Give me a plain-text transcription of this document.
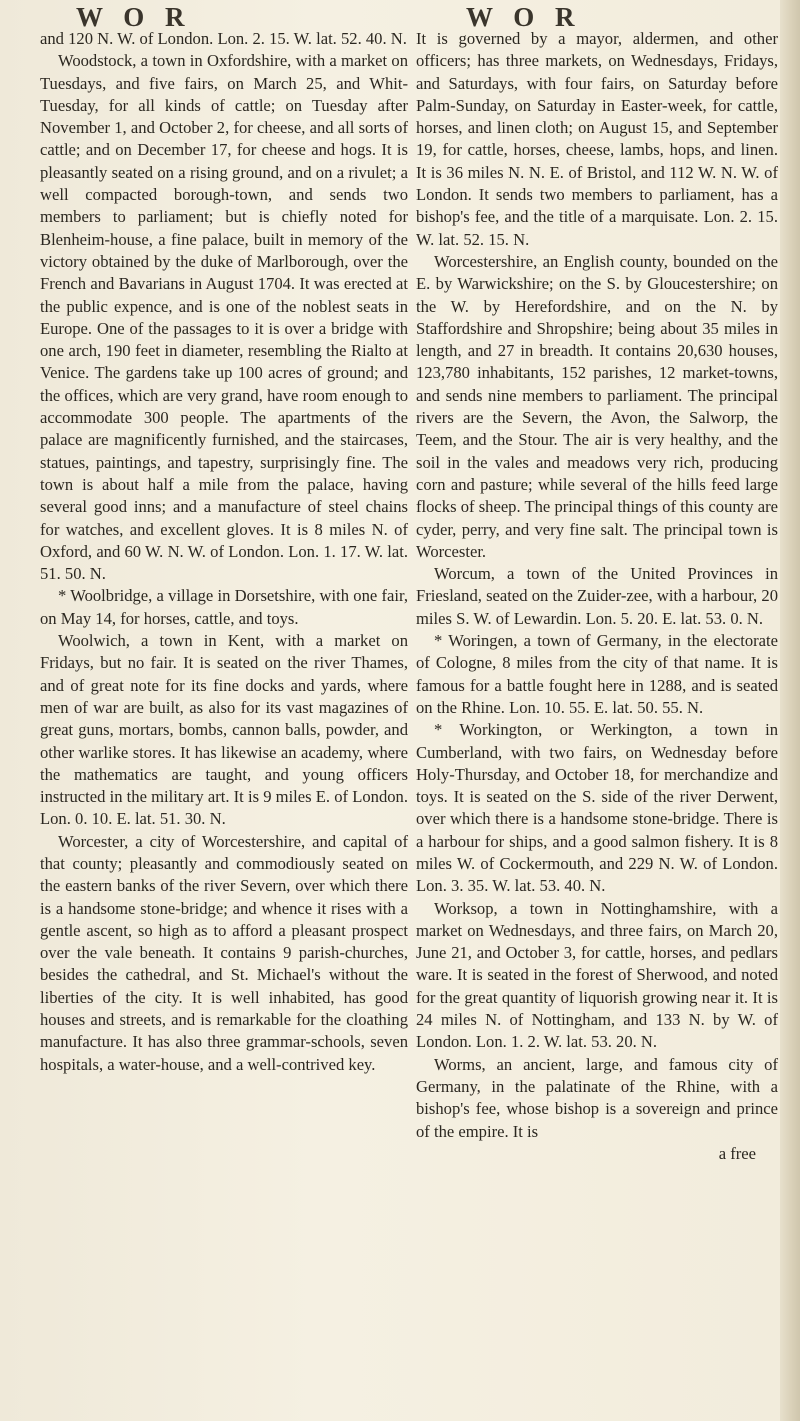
W O R	W O R

and 120 N. W. of London. Lon. 2. 15. W. lat. 52. 40. N.

Woodstock, a town in Oxfordshire, with a market on Tuesdays, and five fairs, on March 25, and Whit-Tuesday, for all kinds of cattle; on Tuesday after November 1, and October 2, for cheese, and all sorts of cattle; and on December 17, for cheese and hogs. It is pleasantly seated on a rising ground, and on a rivulet; a well compacted borough-town, and sends two members to parliament; but is chiefly noted for Blenheim-house, a fine palace, built in memory of the victory obtained by the duke of Marlborough, over the French and Bavarians in August 1704. It was erected at the public expence, and is one of the noblest seats in Europe. One of the passages to it is over a bridge with one arch, 190 feet in diameter, resembling the Rialto at Venice. The gardens take up 100 acres of ground; and the offices, which are very grand, have room enough to accommodate 300 people. The apartments of the palace are magnificently furnished, and the staircases, statues, paintings, and tapestry, surprisingly fine. The town is about half a mile from the palace, having several good inns; and a manufacture of steel chains for watches, and excellent gloves. It is 8 miles N. of Oxford, and 60 W. N. W. of London. Lon. 1. 17. W. lat. 51. 50. N.

* Woolbridge, a village in Dorsetshire, with one fair, on May 14, for horses, cattle, and toys.

Woolwich, a town in Kent, with a market on Fridays, but no fair. It is seated on the river Thames, and of great note for its fine docks and yards, where men of war are built, as also for its vast magazines of great guns, mortars, bombs, cannon balls, powder, and other warlike stores. It has likewise an academy, where the mathematics are taught, and young officers instructed in the military art. It is 9 miles E. of London. Lon. 0. 10. E. lat. 51. 30. N.

Worcester, a city of Worcestershire, and capital of that county; pleasantly and commodiously seated on the eastern banks of the river Severn, over which there is a handsome stone-bridge; and whence it rises with a gentle ascent, so high as to afford a pleasant prospect over the vale beneath. It contains 9 parish-churches, besides the cathedral, and St. Michael's without the liberties of the city. It is well inhabited, has good houses and streets, and is remarkable for the cloathing manufacture. It has also three grammar-schools, seven hospitals, a water-house, and a well-contrived key.

It is governed by a mayor, aldermen, and other officers; has three markets, on Wednesdays, Fridays, and Saturdays, with four fairs, on Saturday before Palm-Sunday, on Saturday in Easter-week, for cattle, horses, and linen cloth; on August 15, and September 19, for cattle, horses, cheese, lambs, hops, and linen. It is 36 miles N. N. E. of Bristol, and 112 W. N. W. of London. It sends two members to parliament, has a bishop's fee, and the title of a marquisate. Lon. 2. 15. W. lat. 52. 15. N.

Worcestershire, an English county, bounded on the E. by Warwickshire; on the S. by Gloucestershire; on the W. by Herefordshire, and on the N. by Staffordshire and Shropshire; being about 35 miles in length, and 27 in breadth. It contains 20,630 houses, 123,780 inhabitants, 152 parishes, 12 market-towns, and sends nine members to parliament. The principal rivers are the Severn, the Avon, the Salworp, the Teem, and the Stour. The air is very healthy, and the soil in the vales and meadows very rich, producing corn and pasture; while several of the hills feed large flocks of sheep. The principal things of this county are cyder, perry, and very fine salt. The principal town is Worcester.

Worcum, a town of the United Provinces in Friesland, seated on the Zuider-zee, with a harbour, 20 miles S. W. of Lewardin. Lon. 5. 20. E. lat. 53. 0. N.

* Woringen, a town of Germany, in the electorate of Cologne, 8 miles from the city of that name. It is famous for a battle fought here in 1288, and is seated on the Rhine. Lon. 10. 55. E. lat. 50. 55. N.

* Workington, or Werkington, a town in Cumberland, with two fairs, on Wednesday before Holy-Thursday, and October 18, for merchandize and toys. It is seated on the S. side of the river Derwent, over which there is a handsome stone-bridge. There is a harbour for ships, and a good salmon fishery. It is 8 miles W. of Cockermouth, and 229 N. W. of London. Lon. 3. 35. W. lat. 53. 40. N.

Worksop, a town in Nottinghamshire, with a market on Wednesdays, and three fairs, on March 20, June 21, and October 3, for cattle, horses, and pedlars ware. It is seated in the forest of Sherwood, and noted for the great quantity of liquorish growing near it. It is 24 miles N. of Nottingham, and 133 N. by W. of London. Lon. 1. 2. W. lat. 53. 20. N.

Worms, an ancient, large, and famous city of Germany, in the palatinate of the Rhine, with a bishop's fee, whose bishop is a sovereign and prince of the empire. It is

a free
